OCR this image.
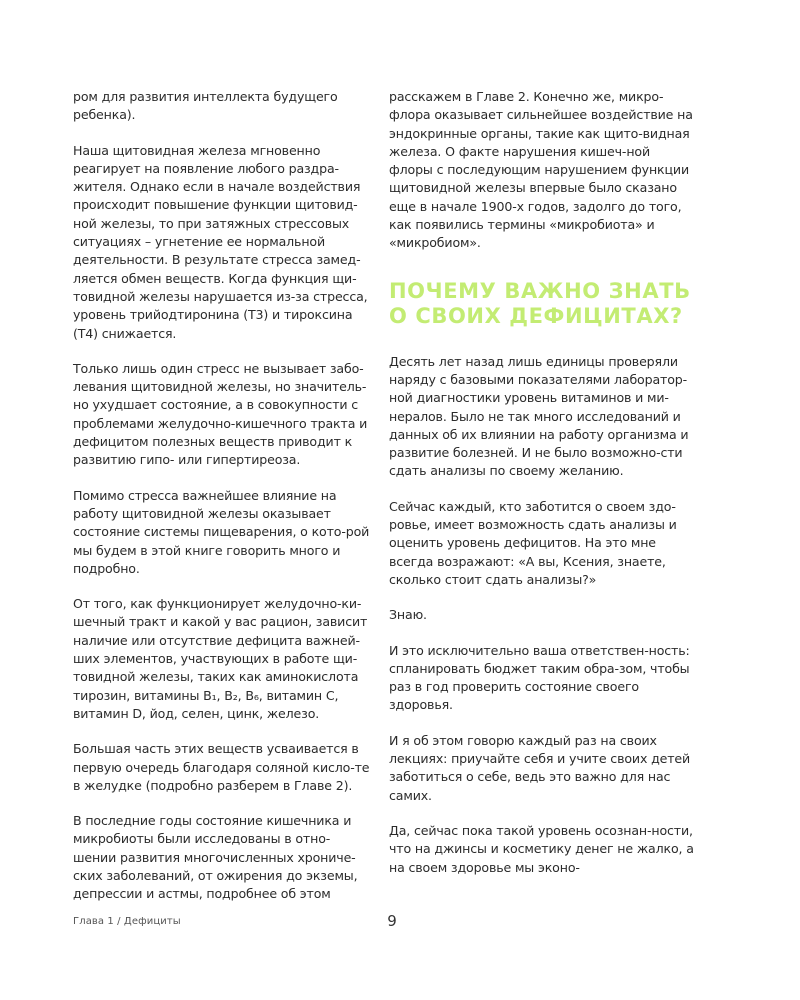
ром для развития интеллекта будущего ребенка).

Наша щитовидная железа мгновенно реагирует на появление любого раздра-жителя. Однако если в начале воздействия происходит повышение функции щитовид-ной железы, то при затяжных стрессовых ситуациях – угнетение ее нормальной деятельности. В результате стресса замед-ляется обмен веществ. Когда функция щи-товидной железы нарушается из-за стресса, уровень трийодтиронина (Т3) и тироксина (Т4) снижается.

Только лишь один стресс не вызывает забо-левания щитовидной железы, но значитель-но ухудшает состояние, а в совокупности с проблемами желудочно-кишечного тракта и дефицитом полезных веществ приводит к развитию гипо- или гипертиреоза.

Помимо стресса важнейшее влияние на работу щитовидной железы оказывает состояние системы пищеварения, о кото-рой мы будем в этой книге говорить много и подробно.

От того, как функционирует желудочно-ки-шечный тракт и какой у вас рацион, зависит наличие или отсутствие дефицита важней-ших элементов, участвующих в работе щи-товидной железы, таких как аминокислота тирозин, витамины B₁, B₂, B₆, витамин С, витамин D, йод, селен, цинк, железо.

Большая часть этих веществ усваивается в первую очередь благодаря соляной кисло-те в желудке (подробно разберем в Главе 2).

В последние годы состояние кишечника и микробиоты были исследованы в отно-шении развития многочисленных хрониче-ских заболеваний, от ожирения до экземы, депрессии и астмы, подробнее об этом

расскажем в Главе 2. Конечно же, микро-флора оказывает сильнейшее воздействие на эндокринные органы, такие как щито-видная железа. О факте нарушения кишеч-ной флоры с последующим нарушением функции щитовидной железы впервые было сказано еще в начале 1900-х годов, задолго до того, как появились термины «микробиота» и «микробиом».

ПОЧЕМУ ВАЖНО ЗНАТЬ О СВОИХ ДЕФИЦИТАХ?

Десять лет назад лишь единицы проверяли наряду с базовыми показателями лаборатор-ной диагностики уровень витаминов и ми-нералов. Было не так много исследований и данных об их влиянии на работу организма и развитие болезней. И не было возможно-сти сдать анализы по своему желанию.

Сейчас каждый, кто заботится о своем здо-ровье, имеет возможность сдать анализы и оценить уровень дефицитов. На это мне всегда возражают: «А вы, Ксения, знаете, сколько стоит сдать анализы?»

Знаю.

И это исключительно ваша ответствен-ность: спланировать бюджет таким обра-зом, чтобы раз в год проверить состояние своего здоровья.

И я об этом говорю каждый раз на своих лекциях: приучайте себя и учите своих детей заботиться о себе, ведь это важно для нас самих.

Да, сейчас пока такой уровень осознан-ности, что на джинсы и косметику денег не жалко, а на своем здоровье мы эконо-

Глава 1 / Дефициты	9
